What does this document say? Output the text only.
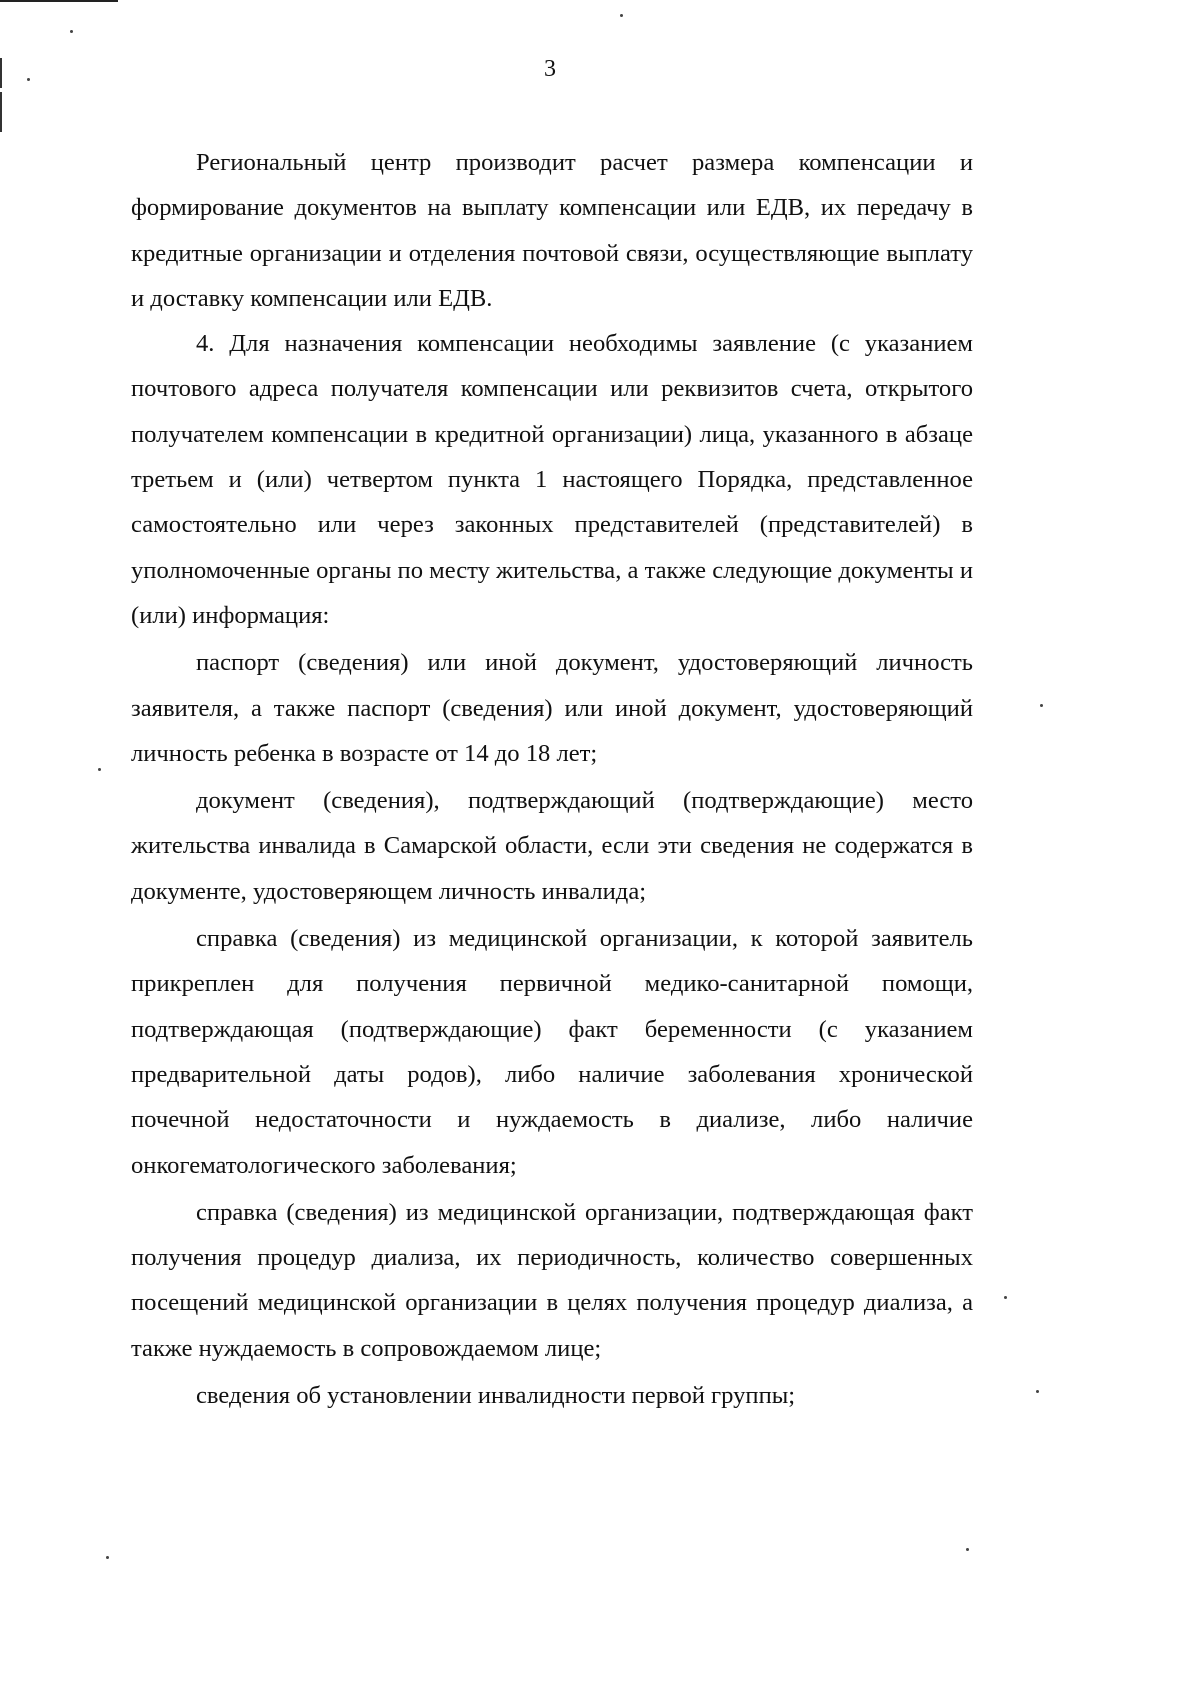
3

Региональный центр производит расчет размера компенсации и формирование документов на выплату компенсации или ЕДВ, их передачу в кредитные организации и отделения почтовой связи, осуществляющие выплату и доставку компенсации или ЕДВ.

4. Для назначения компенсации необходимы заявление (с указанием почтового адреса получателя компенсации или реквизитов счета, открытого получателем компенсации в кредитной организации) лица, указанного в абзаце третьем и (или) четвертом пункта 1 настоящего Порядка, представленное самостоятельно или через законных представителей (представителей) в уполномоченные органы по месту жительства, а также следующие документы и (или) информация:

паспорт (сведения) или иной документ, удостоверяющий личность заявителя, а также паспорт (сведения) или иной документ, удостоверяющий личность ребенка в возрасте от 14 до 18 лет;

документ (сведения), подтверждающий (подтверждающие) место жительства инвалида в Самарской области, если эти сведения не содержатся в документе, удостоверяющем личность инвалида;

справка (сведения) из медицинской организации, к которой заявитель прикреплен для получения первичной медико-санитарной помощи, подтверждающая (подтверждающие) факт беременности (с указанием предварительной даты родов), либо наличие заболевания хронической почечной недостаточности и нуждаемость в диализе, либо наличие онкогематологического заболевания;

справка (сведения) из медицинской организации, подтверждающая факт получения процедур диализа, их периодичность, количество совершенных посещений медицинской организации в целях получения процедур диализа, а также нуждаемость в сопровождаемом лице;

сведения об установлении инвалидности первой группы;
